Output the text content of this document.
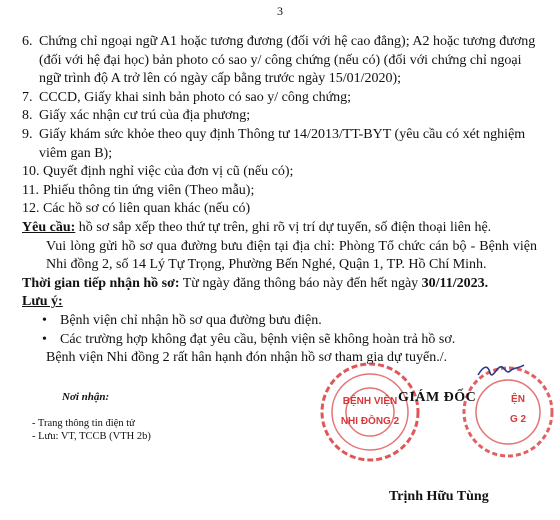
3
6. Chứng chỉ ngoại ngữ A1 hoặc tương đương (đối với hệ cao đẳng); A2 hoặc tương đương (đối với hệ đại học) bản photo có sao y/ công chứng (nếu có) (đối với chứng chỉ ngoại ngữ trình độ A trở lên có ngày cấp bằng trước ngày 15/01/2020);
7. CCCD, Giấy khai sinh bản photo có sao y/ công chứng;
8. Giấy xác nhận cư trú của địa phương;
9. Giấy khám sức khỏe theo quy định Thông tư 14/2013/TT-BYT (yêu cầu có xét nghiệm viêm gan B);
10. Quyết định nghỉ việc của đơn vị cũ (nếu có);
11. Phiếu thông tin ứng viên (Theo mẫu);
12. Các hồ sơ có liên quan khác (nếu có)
Yêu cầu: hồ sơ sắp xếp theo thứ tự trên, ghi rõ vị trí dự tuyển, số điện thoại liên hệ.
Vui lòng gửi hồ sơ qua đường bưu điện tại địa chỉ: Phòng Tổ chức cán bộ - Bệnh viện Nhi đồng 2, số 14 Lý Tự Trọng, Phường Bến Nghé, Quận 1, TP. Hồ Chí Minh.
Thời gian tiếp nhận hồ sơ: Từ ngày đăng thông báo này đến hết ngày 30/11/2023.
Lưu ý:
• Bệnh viện chỉ nhận hồ sơ qua đường bưu điện.
• Các trường hợp không đạt yêu cầu, bệnh viện sẽ không hoàn trả hồ sơ.
Bệnh viện Nhi đồng 2 rất hân hạnh đón nhận hồ sơ tham gia dự tuyển./.
Nơi nhận:
- Trang thông tin điện tử
- Lưu: VT, TCCB (VTH 2b)
BỆNH VIỆN
NHI ĐỒNG 2
ỆN
G 2
GIÁM ĐỐC
Trịnh Hữu Tùng
